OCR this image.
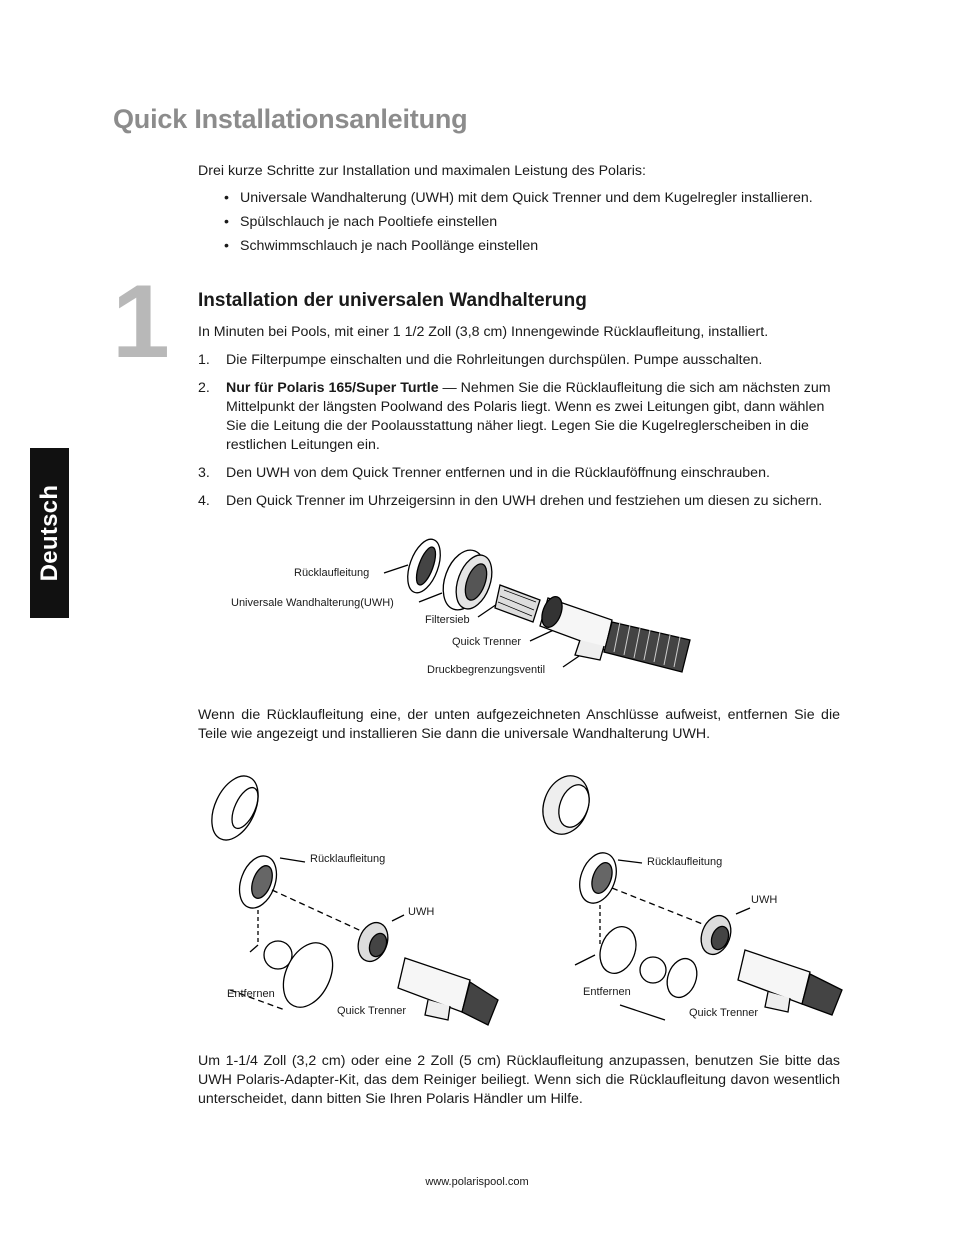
Quick Installationsanleitung
Drei kurze Schritte zur Installation und maximalen Leistung des Polaris:
• Universale Wandhalterung (UWH) mit dem Quick Trenner und dem Kugelregler installieren.
• Spülschlauch je nach Pooltiefe einstellen
• Schwimmschlauch je nach Poollänge einstellen
1 Installation der universalen Wandhalterung
In Minuten bei Pools, mit einer 1 1/2 Zoll (3,8 cm) Innengewinde Rücklaufleitung, installiert.
1.	Die Filterpumpe einschalten und die Rohrleitungen durchspülen. Pumpe ausschalten.
2.	Nur für Polaris 165/Super Turtle — Nehmen Sie die Rücklaufleitung die sich am nächsten zum Mittelpunkt der längsten Poolwand des Polaris liegt. Wenn es zwei Leitungen gibt, dann wählen Sie die Leitung die der Poolausstattung näher liegt. Legen Sie die Kugelreglerscheiben in die restlichen Leitungen ein.
3.	Den UWH von dem Quick Trenner entfernen und in die Rücklauföffnung einschrauben.
4.	Den Quick Trenner im Uhrzeigersinn in den UWH drehen und festziehen um diesen zu sichern.
Deutsch	Rücklaufleitung
Universale Wandhalterung(UWH)
Filtersieb
Quick Trenner
Druckbegrenzungsventil
Wenn die Rücklaufleitung eine, der unten aufgezeichneten Anschlüsse aufweist, entfernen Sie die Teile wie angezeigt und installieren Sie dann die universale Wandhalterung UWH.
Rücklaufleitung
UWH
Entfernen
Quick Trenner
Rücklaufleitung
UWH
Entfernen
Quick Trenner
Um 1-1/4 Zoll (3,2 cm) oder eine 2 Zoll (5 cm) Rücklaufleitung anzupassen, benutzen Sie bitte das UWH Polaris-Adapter-Kit, das dem Reiniger beiliegt. Wenn sich die Rücklaufleitung davon wesentlich unterscheidet, dann bitten Sie Ihren Polaris Händler um Hilfe.
www.polarispool.com
